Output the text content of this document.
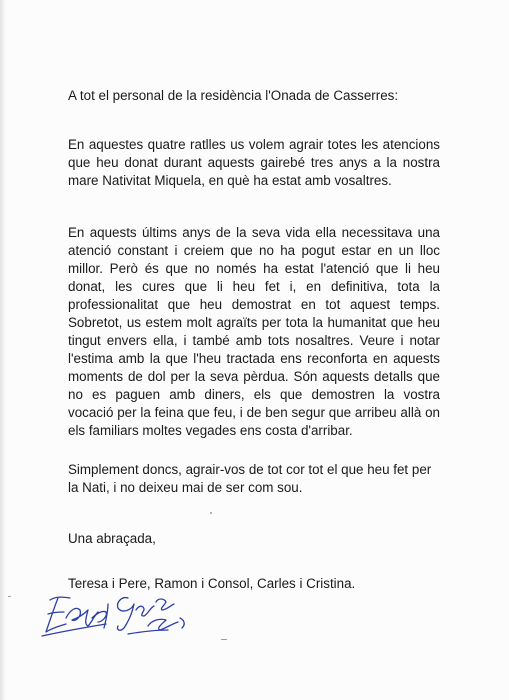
A tot el personal de la residència l'Onada de Casserres:

En aquestes quatre ratlles us volem agrair totes les atencions que heu donat durant aquests gairebé tres anys a la nostra mare Nativitat Miquela, en què ha estat amb vosaltres.

En aquests últims anys de la seva vida ella necessitava una atenció constant i creiem que no ha pogut estar en un lloc millor. Però és que no només ha estat l'atenció que li heu donat, les cures que li heu fet i, en definitiva, tota la professionalitat que heu demostrat en tot aquest temps. Sobretot, us estem molt agraïts per tota la humanitat que heu tingut envers ella, i també amb tots nosaltres. Veure i notar l'estima amb la que l'heu tractada ens reconforta en aquests moments de dol per la seva pèrdua. Són aquests detalls que no es paguen amb diners, els que demostren la vostra vocació per la feina que feu, i de ben segur que arribeu allà on els familiars moltes vegades ens costa d'arribar.

Simplement doncs, agrair-vos de tot cor tot el que heu fet per la Nati, i no deixeu mai de ser com sou.

Una abraçada,
Teresa i Pere, Ramon i Consol, Carles i Cristina.
